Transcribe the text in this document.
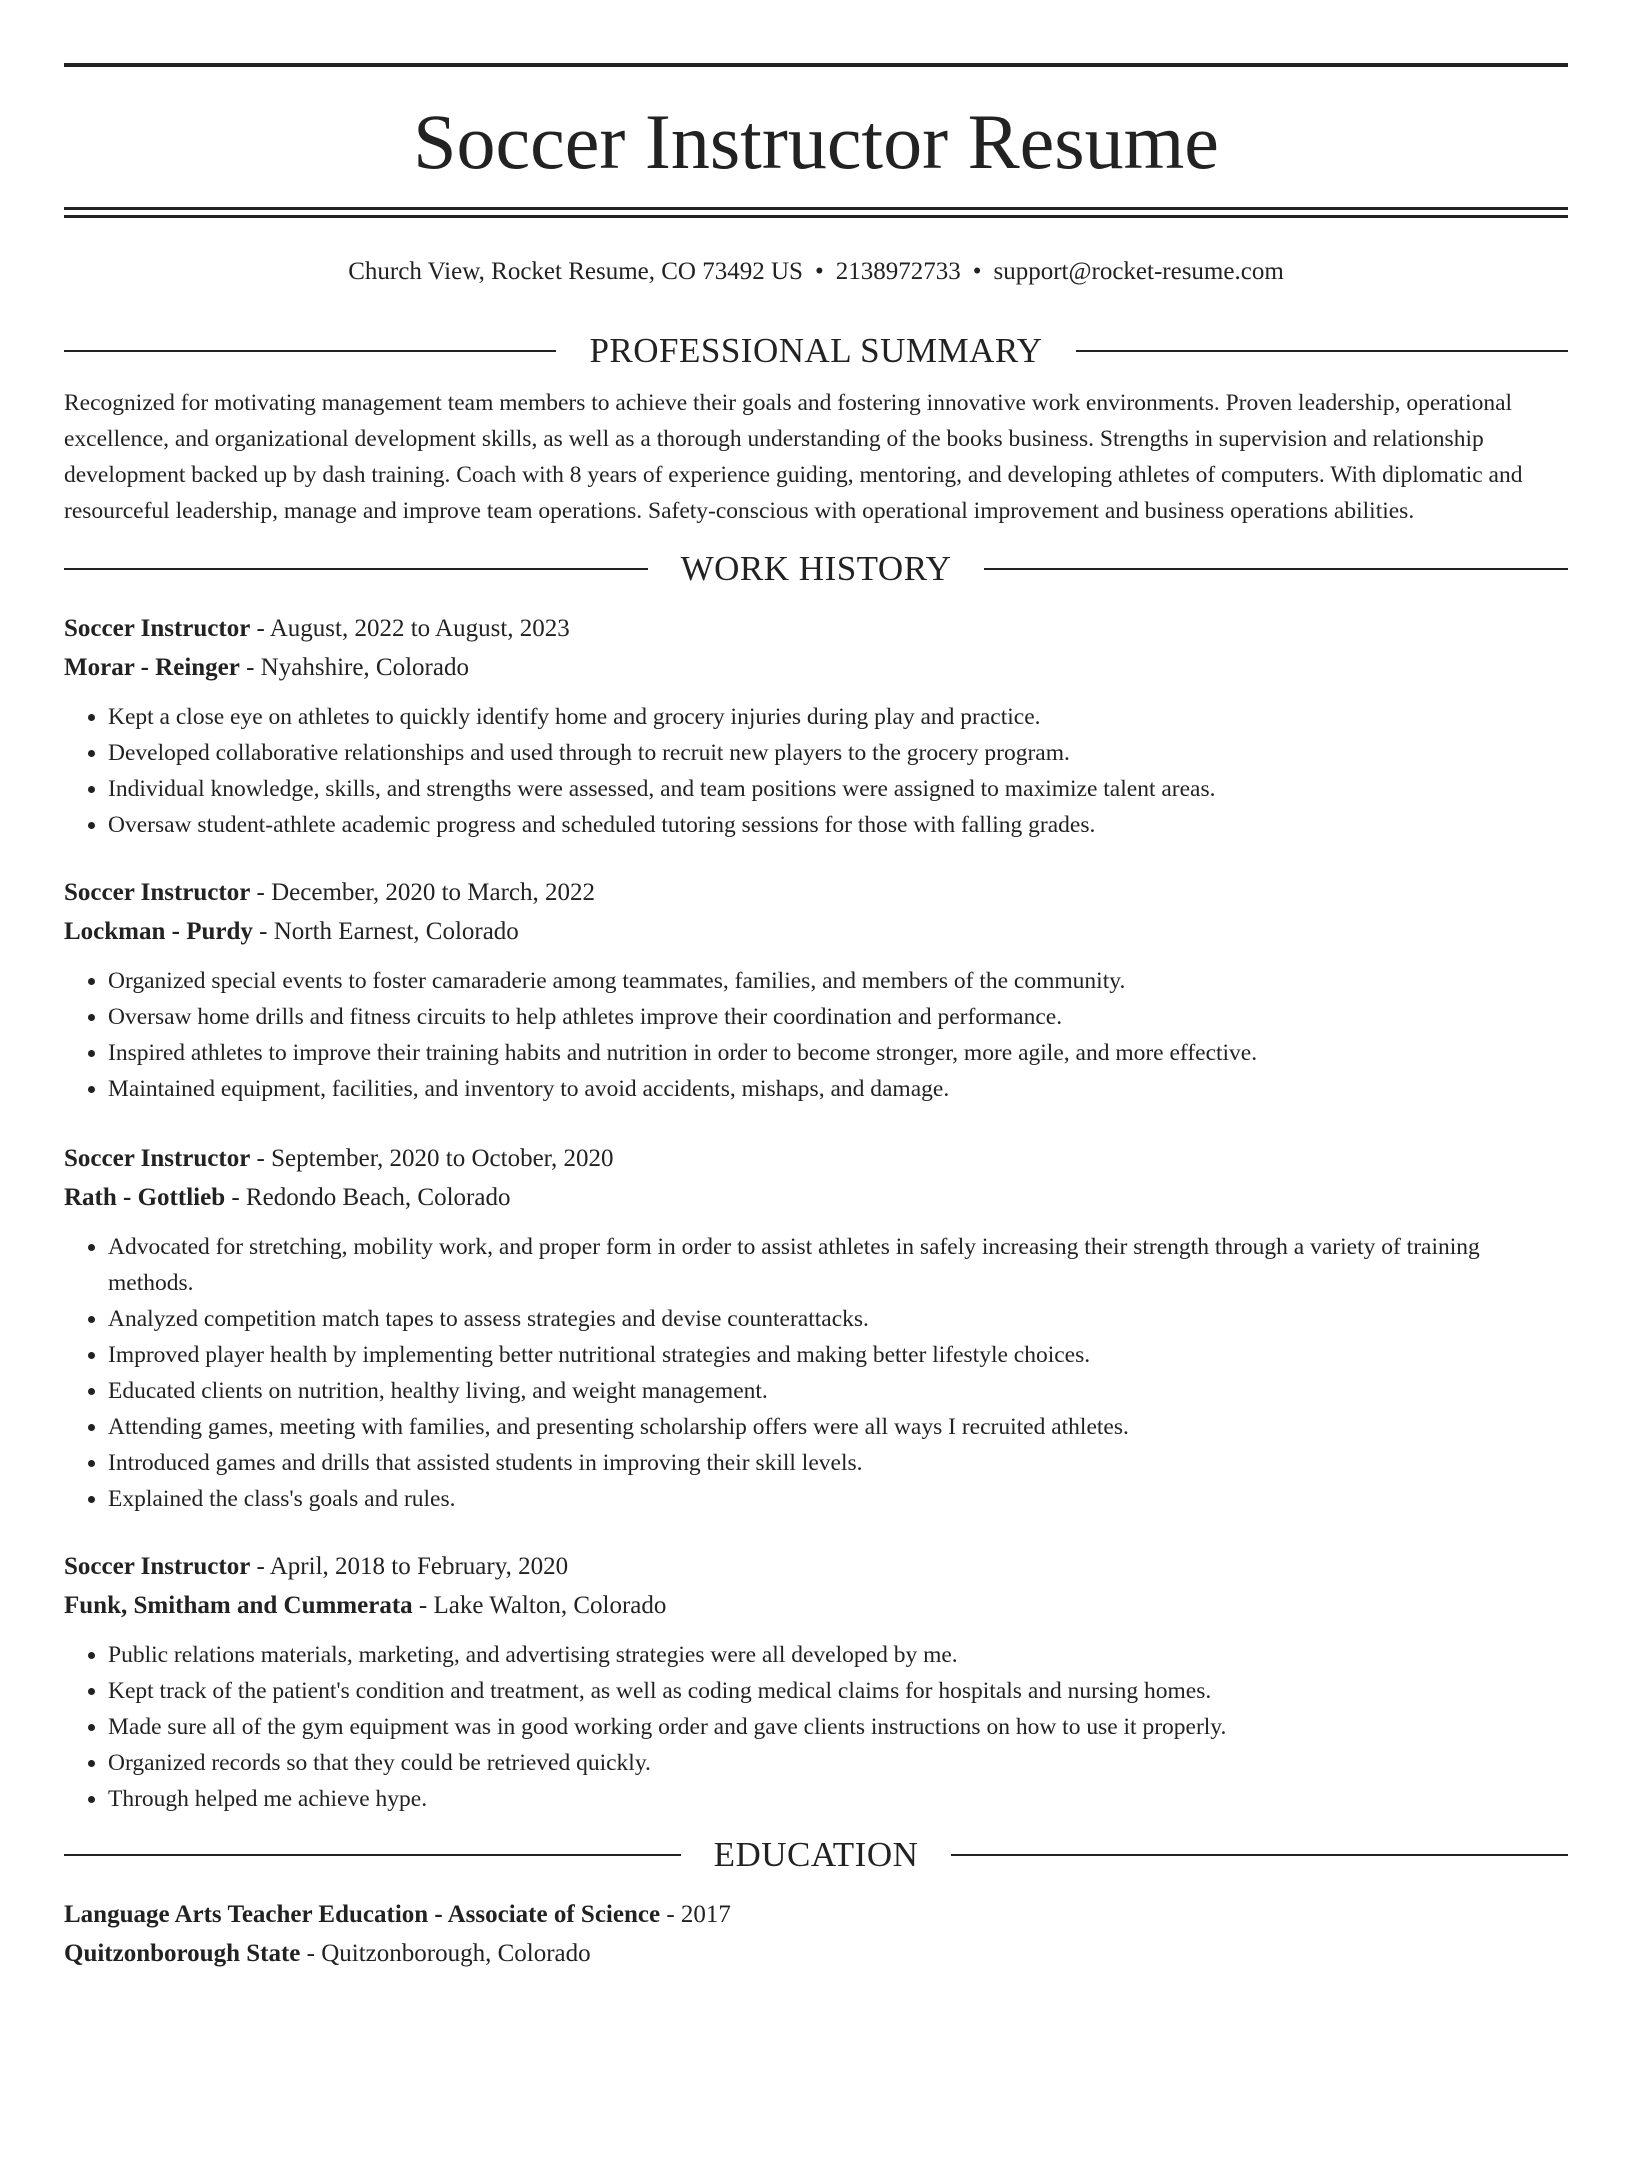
Soccer Instructor Resume
Church View, Rocket Resume, CO 73492 US • 2138972733 • support@rocket-resume.com
PROFESSIONAL SUMMARY
Recognized for motivating management team members to achieve their goals and fostering innovative work environments. Proven leadership, operational excellence, and organizational development skills, as well as a thorough understanding of the books business. Strengths in supervision and relationship development backed up by dash training. Coach with 8 years of experience guiding, mentoring, and developing athletes of computers. With diplomatic and resourceful leadership, manage and improve team operations. Safety-conscious with operational improvement and business operations abilities.
WORK HISTORY
Soccer Instructor - August, 2022 to August, 2023
Morar - Reinger - Nyahshire, Colorado
• Kept a close eye on athletes to quickly identify home and grocery injuries during play and practice.
• Developed collaborative relationships and used through to recruit new players to the grocery program.
• Individual knowledge, skills, and strengths were assessed, and team positions were assigned to maximize talent areas.
• Oversaw student-athlete academic progress and scheduled tutoring sessions for those with falling grades.
Soccer Instructor - December, 2020 to March, 2022
Lockman - Purdy - North Earnest, Colorado
• Organized special events to foster camaraderie among teammates, families, and members of the community.
• Oversaw home drills and fitness circuits to help athletes improve their coordination and performance.
• Inspired athletes to improve their training habits and nutrition in order to become stronger, more agile, and more effective.
• Maintained equipment, facilities, and inventory to avoid accidents, mishaps, and damage.
Soccer Instructor - September, 2020 to October, 2020
Rath - Gottlieb - Redondo Beach, Colorado
• Advocated for stretching, mobility work, and proper form in order to assist athletes in safely increasing their strength through a variety of training methods.
• Analyzed competition match tapes to assess strategies and devise counterattacks.
• Improved player health by implementing better nutritional strategies and making better lifestyle choices.
• Educated clients on nutrition, healthy living, and weight management.
• Attending games, meeting with families, and presenting scholarship offers were all ways I recruited athletes.
• Introduced games and drills that assisted students in improving their skill levels.
• Explained the class's goals and rules.
Soccer Instructor - April, 2018 to February, 2020
Funk, Smitham and Cummerata - Lake Walton, Colorado
• Public relations materials, marketing, and advertising strategies were all developed by me.
• Kept track of the patient's condition and treatment, as well as coding medical claims for hospitals and nursing homes.
• Made sure all of the gym equipment was in good working order and gave clients instructions on how to use it properly.
• Organized records so that they could be retrieved quickly.
• Through helped me achieve hype.
EDUCATION
Language Arts Teacher Education - Associate of Science - 2017
Quitzonborough State - Quitzonborough, Colorado
